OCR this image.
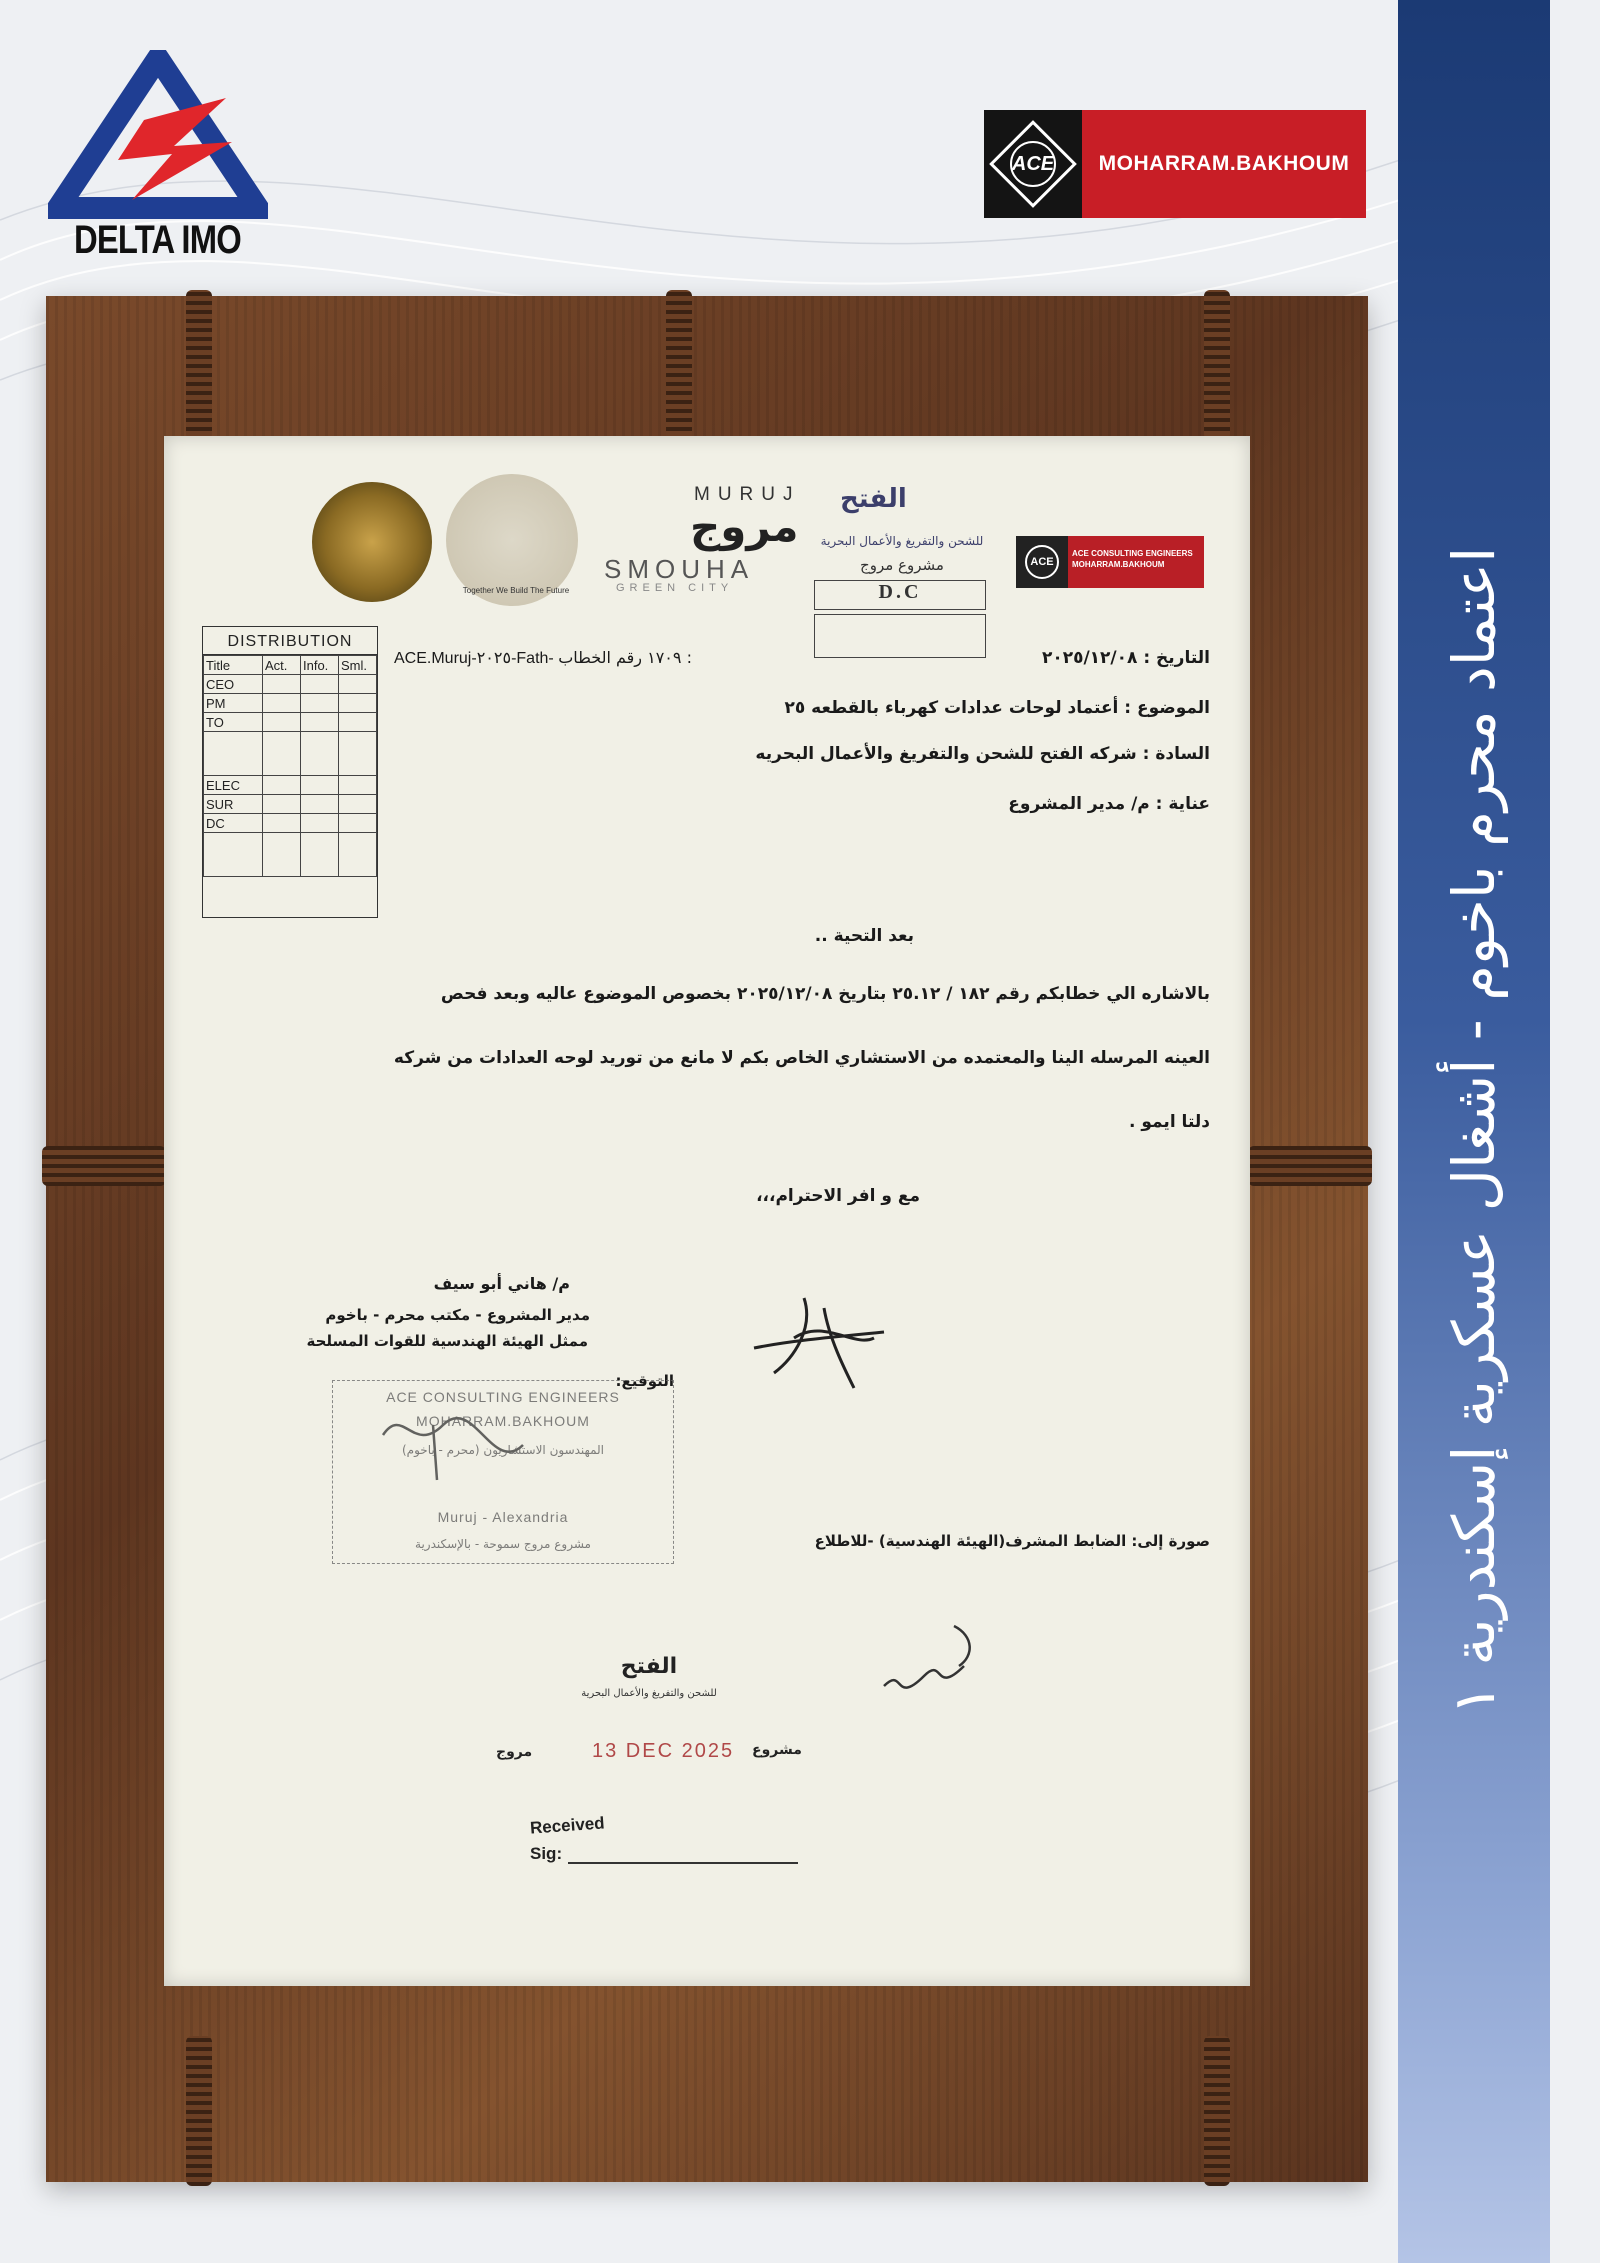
DELTA IMO
ACE	MOHARRAM.BAKHOUM
اعتماد محرم باخوم - أشغال عسكرية إسكندرية ١
Together We Build The Future
MURUJ
مروج
SMOUHA
GREEN CITY
الفتح
للشحن والتفريغ والأعمال البحرية
مشروع مروج
D.C
ACE
ACE CONSULTING ENGINEERS
MOHARRAM.BAKHOUM
DISTRIBUTION
Title	Act.	Info.	Sml.
CEO			
PM			
TO			

ELEC			
SUR			
DC			

ACE.Muruj-٢٠٢٥-Fath- ١٧٠٩ رقم الخطاب :	التاريخ : ٢٠٢٥/١٢/٠٨
الموضوع : أعتماد لوحات عدادات كهرباء بالقطعه ٢٥
السادة : شركه الفتح للشحن والتفريغ والأعمال البحريه
عناية : م/ مدير المشروع
بعد التحية ..
بالاشاره الي خطابكم رقم ١٨٢ / ٢٥.١٢ بتاريخ ٢٠٢٥/١٢/٠٨ بخصوص الموضوع عاليه وبعد فحص
العينه المرسله الينا والمعتمده من الاستشاري الخاص بكم لا مانع من توريد لوحه العدادات من شركه
دلتا ايمو .
مع و افر الاحترام،،،
م/ هاني أبو سيف
مدير المشروع - مكتب محرم - باخوم
ممثل الهيئة الهندسية للقوات المسلحة
التوقيع:
صورة إلى: الضابط المشرف(الهيئة الهندسية) -للاطلاع
ACE CONSULTING ENGINEERS
MOHARRAM.BAKHOUM
المهندسون الاستشاريون (محرم - باخوم)
Muruj - Alexandria
مشروع مروج سموحة - بالإسكندرية
الفتح
للشحن والتفريغ والأعمال البحرية
مروج	13 DEC 2025 مشروع
Received
Sig:
